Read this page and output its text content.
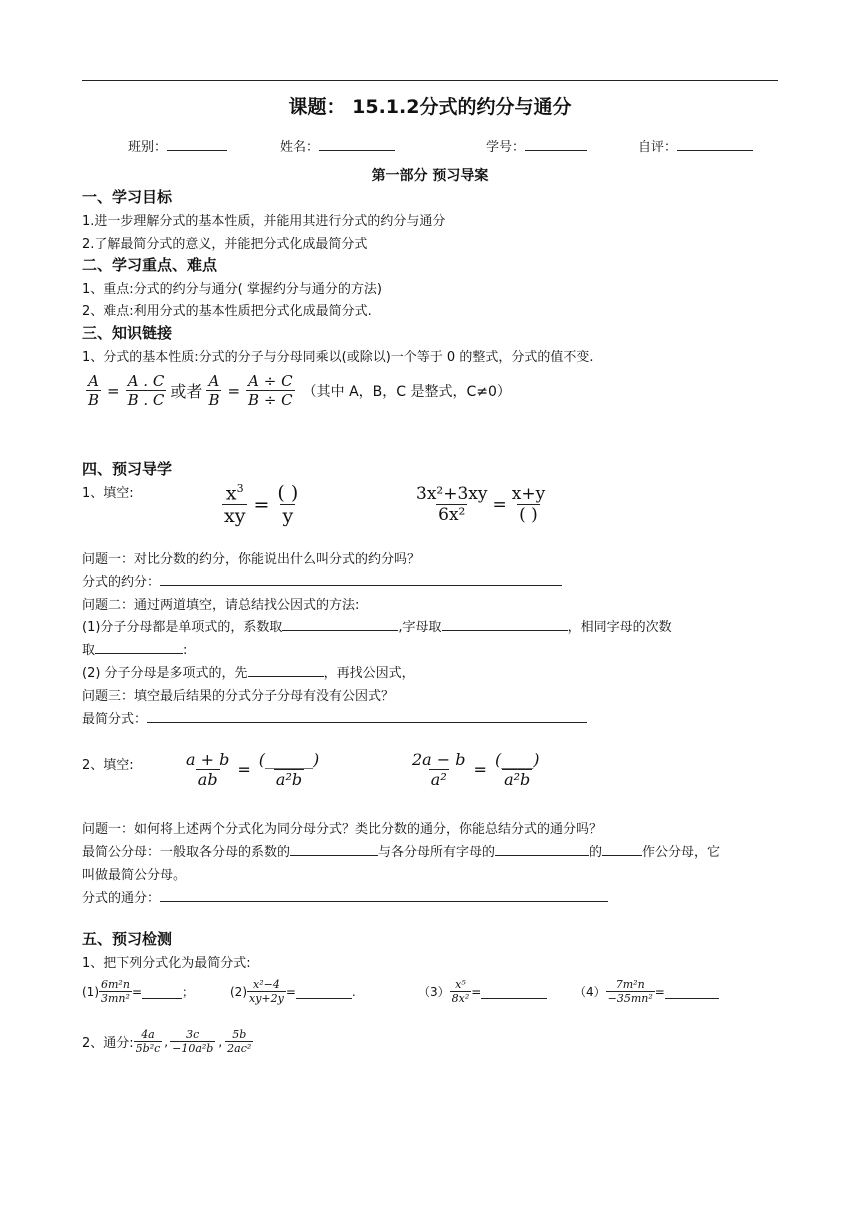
课题： 15.1.2分式的约分与通分
班别：	姓名：	学号：	自评：
第一部分 预习导案
一、学习目标
1.进一步理解分式的基本性质，并能用其进行分式的约分与通分
2.了解最简分式的意义，并能把分式化成最简分式
二、学习重点、难点
1、重点:分式的约分与通分( 掌握约分与通分的方法)
2、难点:利用分式的基本性质把分式化成最简分式.
三、知识链接
1、分式的基本性质:分式的分子与分母同乘以(或除以)一个等于 0 的整式，分式的值不变.
$\frac{A}{B} = \frac{A . C}{B . C}$ 或者 $\frac{A}{B} = \frac{A \div C}{B \div C}$ （其中 A，B，C 是整式，C≠0）
四、预习导学
1、填空:	$\frac{x^3}{xy} = \frac{( )}{y}$	$\frac{\text{3x²+3xy}}{\text{6x²}} = \frac{x+y}{( )}$
问题一：对比分数的约分，你能说出什么叫分式的约分吗？
分式的约分：
问题二：通过两道填空，请总结找公因式的方法:
(1)分子分母都是单项式的，系数取	,字母取	，相同字母的次数
取	:
(2) 分子分母是多项式的，先	，再找公因式，
问题三：填空最后结果的分式分子分母有没有公因式？
最简分式：
2、填空:	$\frac{a + b}{ab} = \frac{(\_\_\_\_\_\_)}{\text{a²b}}$	$\frac{2a - b}{\text{a²}} = \frac{(\_\_\_\_)}{\text{a²b}}$
问题一：如何将上述两个分式化为同分母分式？类比分数的通分，你能总结分式的通分吗？
最简公分母：一般取各分母的系数的	与各分母所有字母的	的	作公分母，它
叫做最简公分母。
分式的通分：
五、预习检测
1、把下列分式化为最简分式:
$(1) \frac{\text{6m²n}}{\text{3mn²}}$ =	；	$(2) \frac{\text{x²−4}}{xy+2y}$ =	.	$(3) \frac{\text{x⁵}}{\text{8x²}}$ =	$(4) \frac{\text{7m²n}}{\text{−35mn²}}$ =
2、通分: $\frac{4a}{\text{5b²c}}$ , $\frac{3c}{\text{−10a²b}}$ , $\frac{5b}{\text{2ac²}}$
